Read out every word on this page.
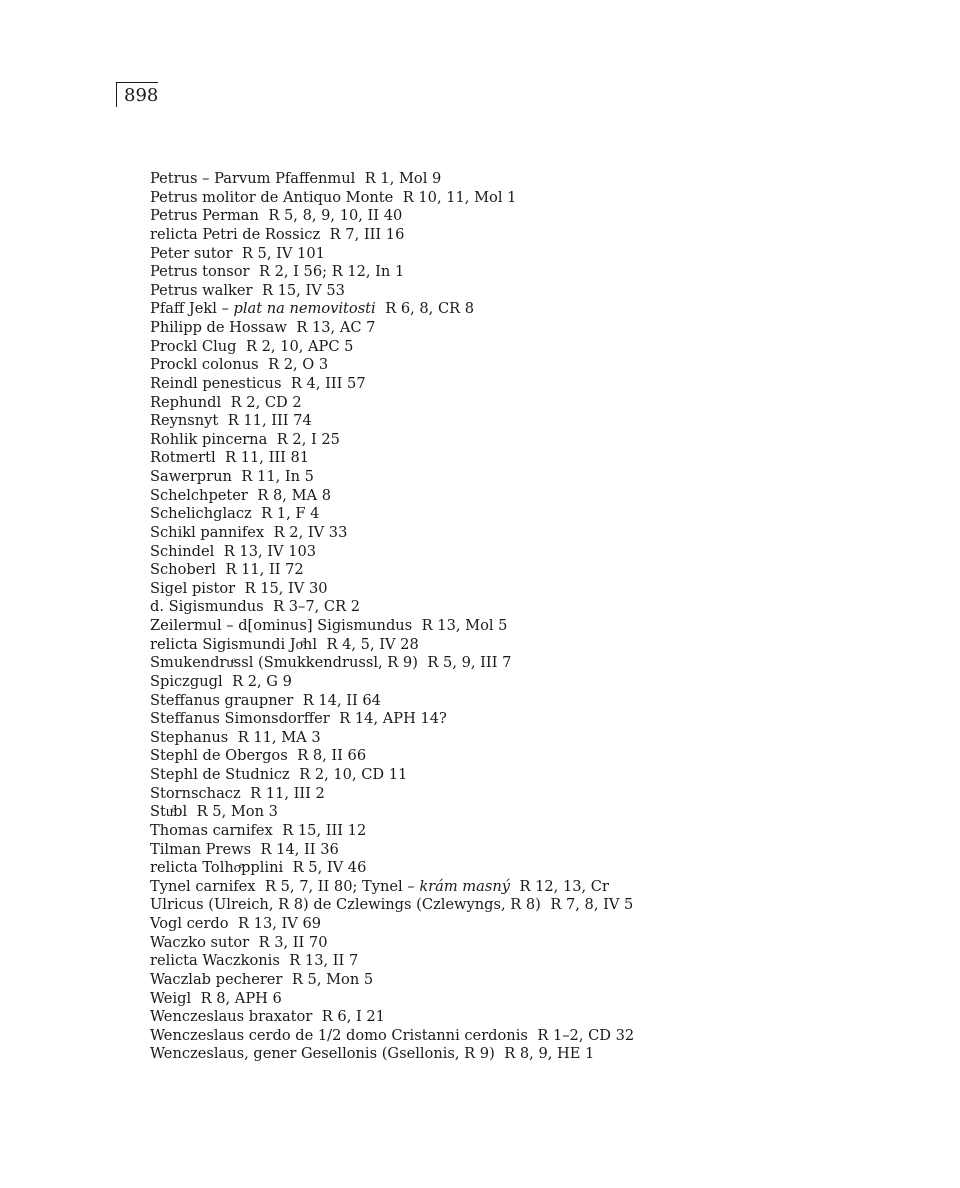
898
Petrus – Parvum Pfaffenmul R 1, Mol 9
Petrus molitor de Antiquo Monte R 10, 11, Mol 1
Petrus Perman R 5, 8, 9, 10, II 40
relicta Petri de Rossicz R 7, III 16
Peter sutor R 5, IV 101
Petrus tonsor R 2, I 56; R 12, In 1
Petrus walker R 15, IV 53
Pfaff Jekl – plat na nemovitosti R 6, 8, CR 8
Philipp de Hossaw R 13, AC 7
Prockl Clug R 2, 10, APC 5
Prockl colonus R 2, O 3
Reindl penesticus R 4, III 57
Rephundl R 2, CD 2
Reynsnyt R 11, III 74
Rohlik pincerna R 2, I 25
Rotmertl R 11, III 81
Sawerprun R 11, In 5
Schelchpeter R 8, MA 8
Schelichglacz R 1, F 4
Schikl pannifex R 2, IV 33
Schindel R 13, IV 103
Schoberl R 11, II 72
Sigel pistor R 15, IV 30
d. Sigismundus R 3–7, CR 2
Zeilermul – d[ominus] Sigismundus R 13, Mol 5
relicta Sigismundi Joͤhl R 4, 5, IV 28
Smukendruͤssl (Smukkendrussl, R 9) R 5, 9, III 7
Spiczgugl R 2, G 9
Steffanus graupner R 14, II 64
Steffanus Simonsdorffer R 14, APH 14?
Stephanus R 11, MA 3
Stephl de Obergos R 8, II 66
Stephl de Studnicz R 2, 10, CD 11
Stornschacz R 11, III 2
Stuͤbl R 5, Mon 3
Thomas carnifex R 15, III 12
Tilman Prews R 14, II 36
relicta Tolhoͤpplini R 5, IV 46
Tynel carnifex R 5, 7, II 80; Tynel – krám masný R 12, 13, Cr
Ulricus (Ulreich, R 8) de Czlewings (Czlewyngs, R 8) R 7, 8, IV 5
Vogl cerdo R 13, IV 69
Waczko sutor R 3, II 70
relicta Waczkonis R 13, II 7
Waczlab pecherer R 5, Mon 5
Weigl R 8, APH 6
Wenczeslaus braxator R 6, I 21
Wenczeslaus cerdo de 1/2 domo Cristanni cerdonis R 1–2, CD 32
Wenczeslaus, gener Gesellonis (Gsellonis, R 9) R 8, 9, HE 1
